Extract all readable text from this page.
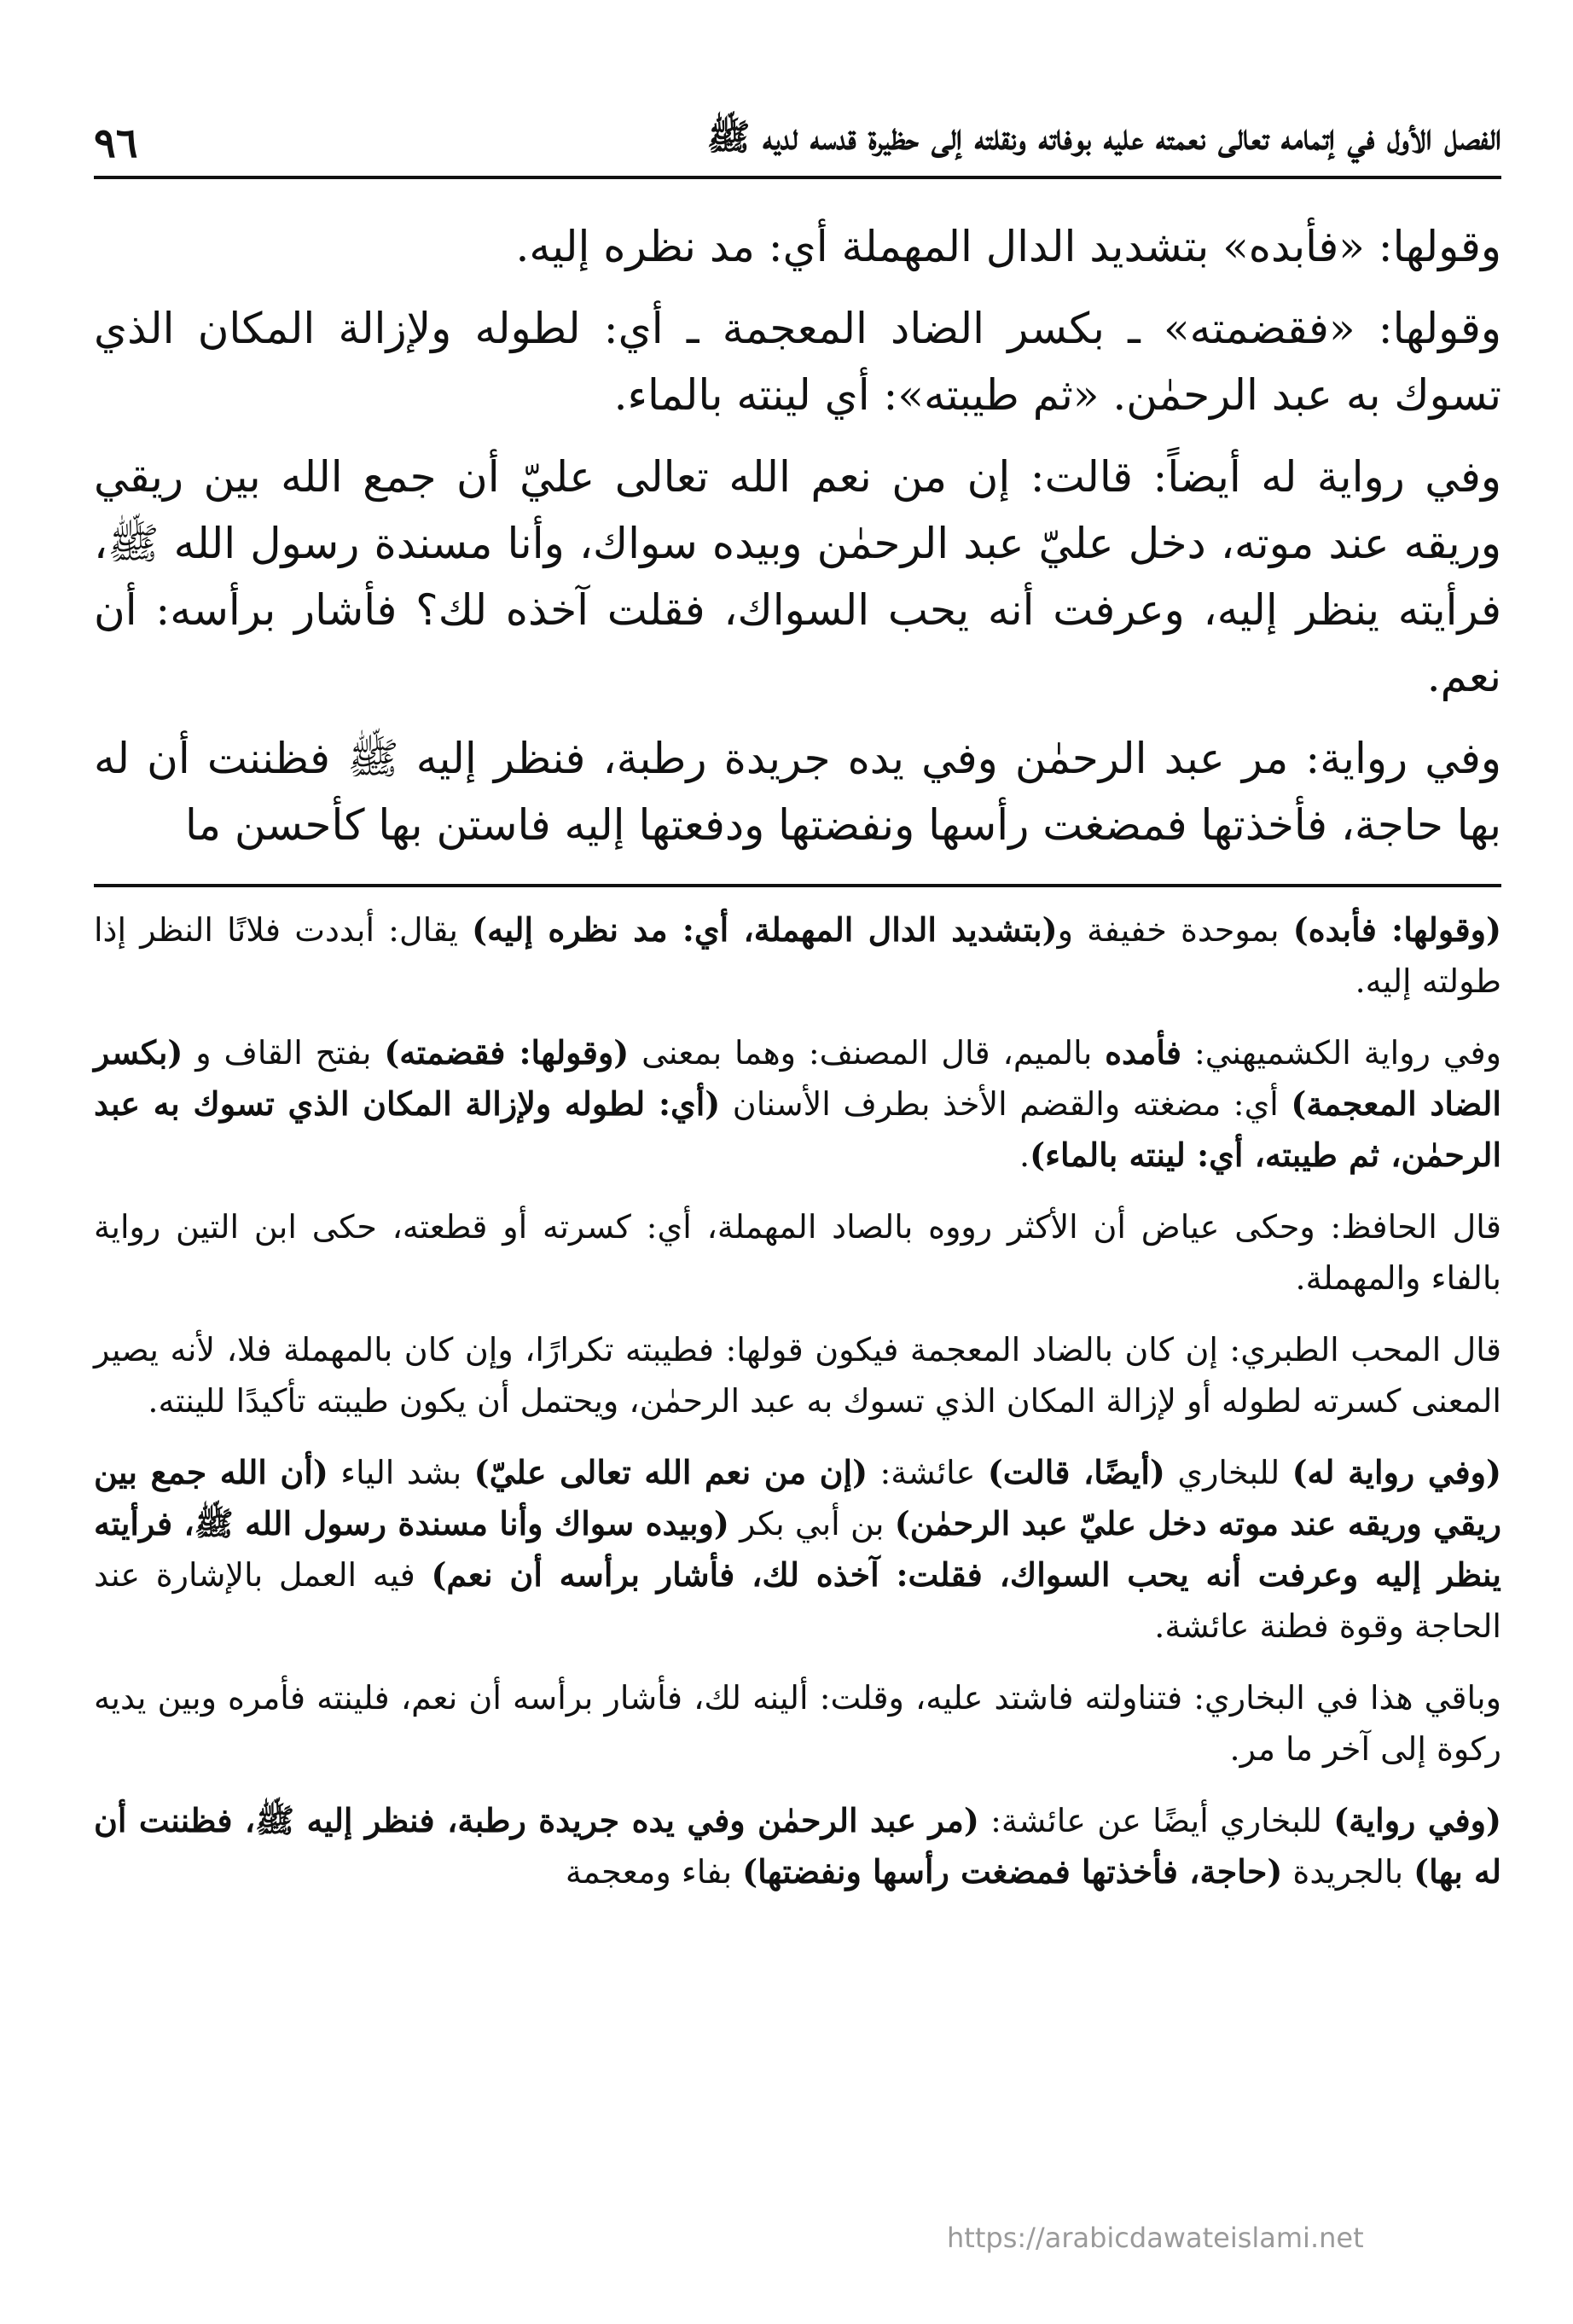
الفصل الأول في إتمامه تعالى نعمته عليه بوفاته ونقلته إلى حظيرة قدسه لديه ﷺ
٩٦

وقولها: «فأبده» بتشديد الدال المهملة أي: مد نظره إليه.

وقولها: «فقضمته» ـ بكسر الضاد المعجمة ـ أي: لطوله ولإزالة المكان الذي تسوك به عبد الرحمٰن. «ثم طيبته»: أي لينته بالماء.

وفي رواية له أيضاً: قالت: إن من نعم الله تعالى عليّ أن جمع الله بين ريقي وريقه عند موته، دخل عليّ عبد الرحمٰن وبيده سواك، وأنا مسندة رسول الله ﷺ، فرأيته ينظر إليه، وعرفت أنه يحب السواك، فقلت آخذه لك؟ فأشار برأسه: أن نعم.

وفي رواية: مر عبد الرحمٰن وفي يده جريدة رطبة، فنظر إليه ﷺ فظننت أن له بها حاجة، فأخذتها فمضغت رأسها ونفضتها ودفعتها إليه فاستن بها كأحسن ما

(وقولها: فأبده) بموحدة خفيفة و(بتشديد الدال المهملة، أي: مد نظره إليه) يقال: أبددت فلانًا النظر إذا طولته إليه.

وفي رواية الكشميهني: فأمده بالميم، قال المصنف: وهما بمعنى (وقولها: فقضمته) بفتح القاف و (بكسر الضاد المعجمة) أي: مضغته والقضم الأخذ بطرف الأسنان (أي: لطوله ولإزالة المكان الذي تسوك به عبد الرحمٰن، ثم طيبته، أي: لينته بالماء).

قال الحافظ: وحكى عياض أن الأكثر رووه بالصاد المهملة، أي: كسرته أو قطعته، حكى ابن التين رواية بالفاء والمهملة.

قال المحب الطبري: إن كان بالضاد المعجمة فيكون قولها: فطيبته تكرارًا، وإن كان بالمهملة فلا، لأنه يصير المعنى كسرته لطوله أو لإزالة المكان الذي تسوك به عبد الرحمٰن، ويحتمل أن يكون طيبته تأكيدًا للينته.

(وفي رواية له) للبخاري (أيضًا، قالت) عائشة: (إن من نعم الله تعالى عليّ) بشد الياء (أن الله جمع بين ريقي وريقه عند موته دخل عليّ عبد الرحمٰن) بن أبي بكر (وبيده سواك وأنا مسندة رسول الله ﷺ، فرأيته ينظر إليه وعرفت أنه يحب السواك، فقلت: آخذه لك، فأشار برأسه أن نعم) فيه العمل بالإشارة عند الحاجة وقوة فطنة عائشة.

وباقي هذا في البخاري: فتناولته فاشتد عليه، وقلت: ألينه لك، فأشار برأسه أن نعم، فلينته فأمره وبين يديه ركوة إلى آخر ما مر.

(وفي رواية) للبخاري أيضًا عن عائشة: (مر عبد الرحمٰن وفي يده جريدة رطبة، فنظر إليه ﷺ، فظننت أن له بها) بالجريدة (حاجة، فأخذتها فمضغت رأسها ونفضتها) بفاء ومعجمة

https://arabicdawateislami.net
